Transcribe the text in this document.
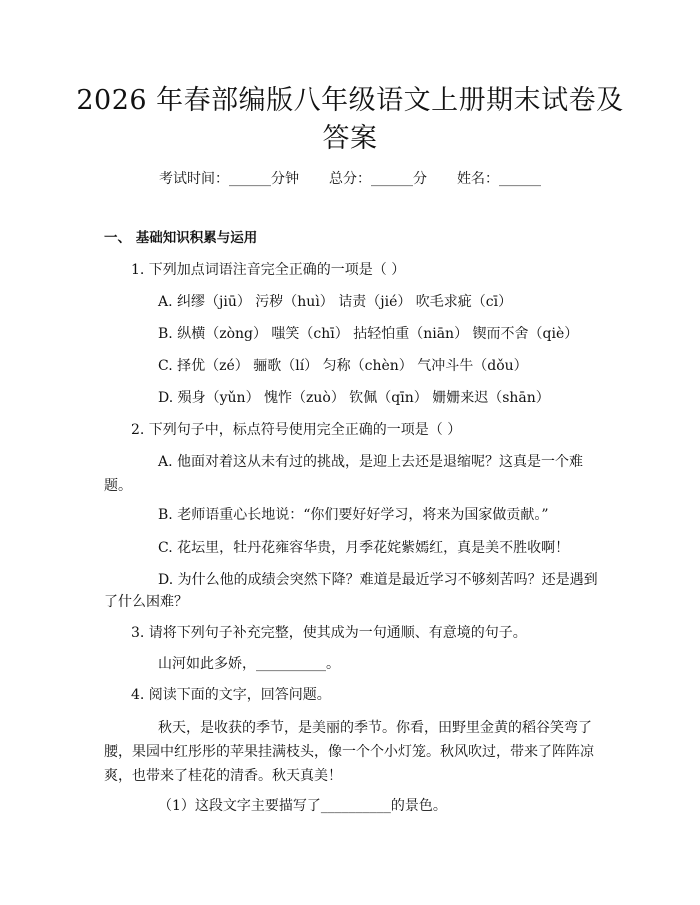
2026 年春部编版八年级语文上册期末试卷及
答案
考试时间：______分钟 总分：______分 姓名：______
一、 基础知识积累与运用
1. 下列加点词语注音完全正确的一项是（ ）
A. 纠缪（jiū） 污秽（huì） 诘责（jié） 吹毛求疵（cī）
B. 纵横（zòng） 嗤笑（chī） 拈轻怕重（niān） 锲而不舍（qiè）
C. 择优（zé） 骊歌（lí） 匀称（chèn） 气冲斗牛（dǒu）
D. 殒身（yǔn） 愧怍（zuò） 钦佩（qīn） 姗姗来迟（shān）
2. 下列句子中，标点符号使用完全正确的一项是（ ）
A. 他面对着这从未有过的挑战，是迎上去还是退缩呢？这真是一个难
题。
B. 老师语重心长地说：“你们要好好学习，将来为国家做贡献。”
C. 花坛里，牡丹花雍容华贵，月季花姹紫嫣红，真是美不胜收啊！
D. 为什么他的成绩会突然下降？难道是最近学习不够刻苦吗？还是遇到
了什么困难？
3. 请将下列句子补充完整，使其成为一句通顺、有意境的句子。
山河如此多娇，__________。
4. 阅读下面的文字，回答问题。
秋天，是收获的季节，是美丽的季节。你看，田野里金黄的稻谷笑弯了
腰，果园中红彤彤的苹果挂满枝头，像一个个小灯笼。秋风吹过，带来了阵阵凉
爽，也带来了桂花的清香。秋天真美！
（1）这段文字主要描写了__________的景色。
